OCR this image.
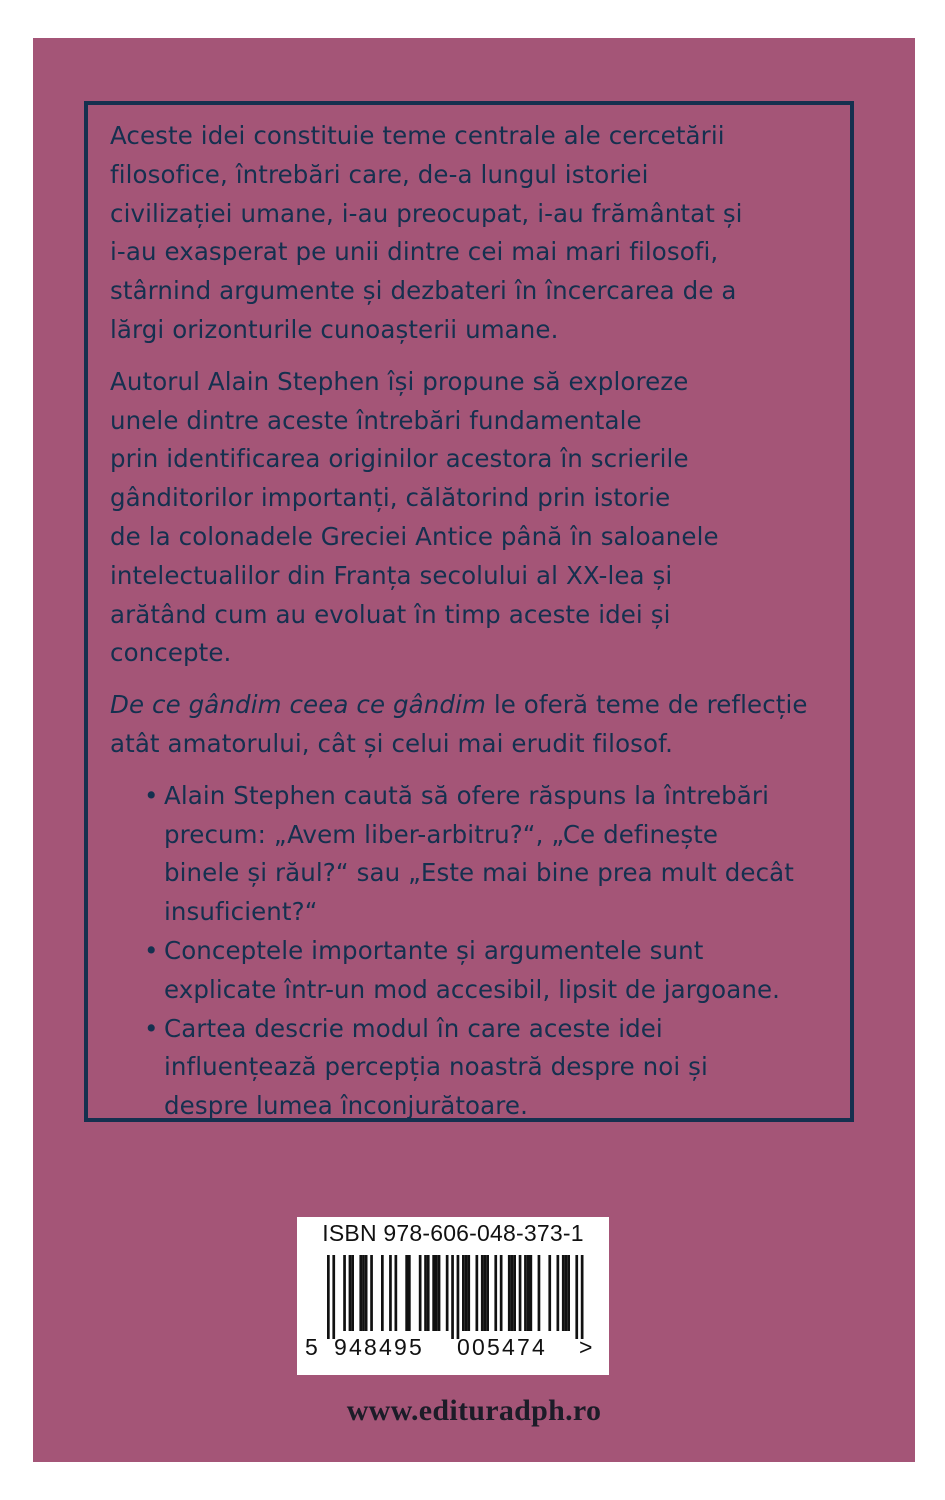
Aceste idei constituie teme centrale ale cercetării
filosofice, întrebări care, de-a lungul istoriei
civilizației umane, i-au preocupat, i-au frământat și
i-au exasperat pe unii dintre cei mai mari filosofi,
stârnind argumente și dezbateri în încercarea de a
lărgi orizonturile cunoașterii umane.

Autorul Alain Stephen își propune să exploreze
unele dintre aceste întrebări fundamentale
prin identificarea originilor acestora în scrierile
gânditorilor importanți, călătorind prin istorie
de la colonadele Greciei Antice până în saloanele
intelectualilor din Franța secolului al XX-lea și
arătând cum au evoluat în timp aceste idei și
concepte.

De ce gândim ceea ce gândim le oferă teme de reflecție
atât amatorului, cât și celui mai erudit filosof.

• Alain Stephen caută să ofere răspuns la întrebări
precum: „Avem liber-arbitru?“, „Ce definește
binele și răul?“ sau „Este mai bine prea mult decât
insuficient?“
• Conceptele importante și argumentele sunt
explicate într-un mod accesibil, lipsit de jargoane.
• Cartea descrie modul în care aceste idei
influențează percepția noastră despre noi și
despre lumea înconjurătoare.
ISBN 978-606-048-373-1
5 948495 005474 >
www.edituradph.ro
